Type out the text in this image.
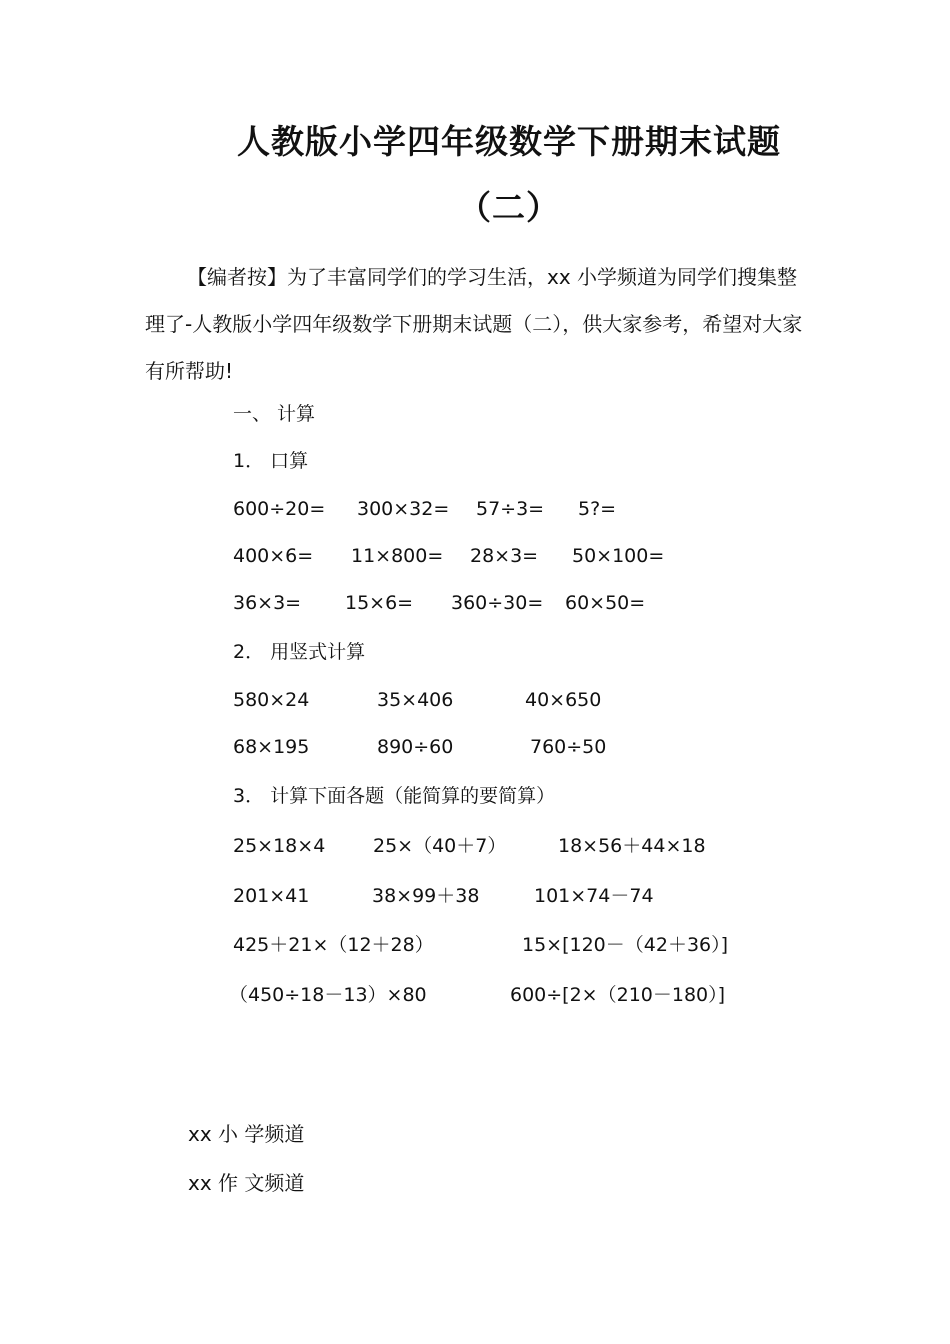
人教版小学四年级数学下册期末试题
（二）
【编者按】为了丰富同学们的学习生活，xx 小学频道为同学们搜集整理了-人教版小学四年级数学下册期末试题（二），供大家参考，希望对大家有所帮助!
一、 计算
1． 口算
600÷20= 300×32= 57÷3= 5?=
400×6= 11×800= 28×3= 50×100=
36×3= 15×6= 360÷30= 60×50=
2． 用竖式计算
580×24	35×406	40×650
68×195	890÷60	760÷50
3． 计算下面各题（能简算的要简算）
25×18×4	25×（40＋7）	18×56＋44×18
201×41	38×99＋38	101×74－74
425＋21×（12＋28）	15×[120－（42＋36）]
（450÷18－13）×80	600÷[2×（210－180）]
xx 小 学频道
xx 作 文频道
